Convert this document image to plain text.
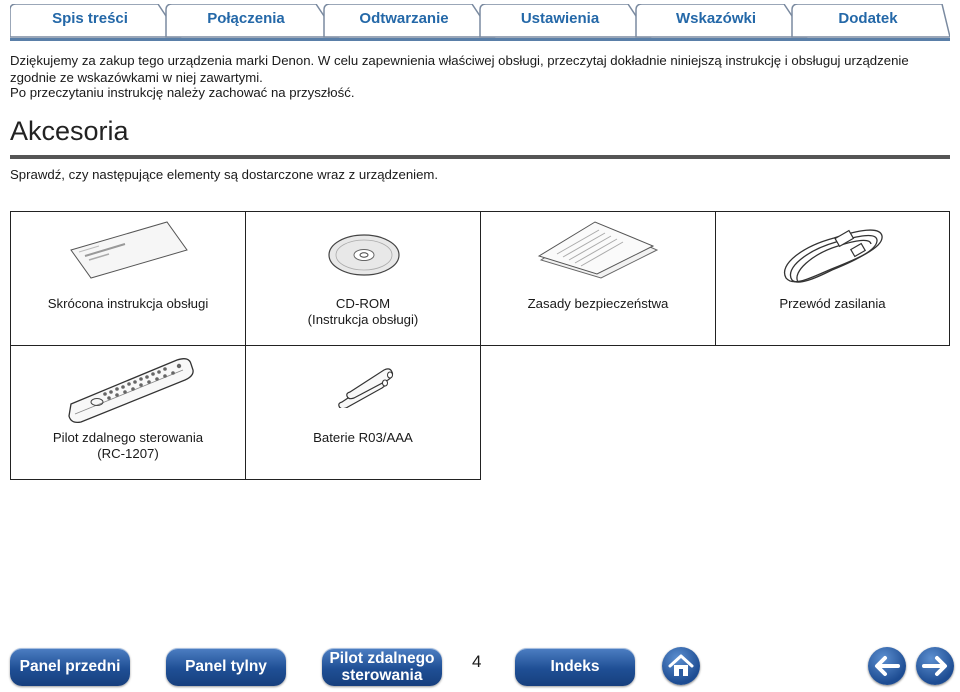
Spis treści	Połączenia	Odtwarzanie	Ustawienia	Wskazówki	Dodatek

Dziękujemy za zakup tego urządzenia marki Denon. W celu zapewnienia właściwej obsługi, przeczytaj dokładnie niniejszą instrukcję i obsługuj urządzenie zgodnie ze wskazówkami w niej zawartymi.

Po przeczytaniu instrukcję należy zachować na przyszłość.

Akcesoria

Sprawdź, czy następujące elementy są dostarczone wraz z urządzeniem.

Skrócona instrukcja obsługi	CD-ROM
(Instrukcja obsługi)
Zasady bezpieczeństwa	Przewód zasilania
Pilot zdalnego sterowania
(RC-1207)
Baterie R03/AAA
Panel przedni	Panel tylny	Pilot zdalnego
sterowania
4	Indeks
